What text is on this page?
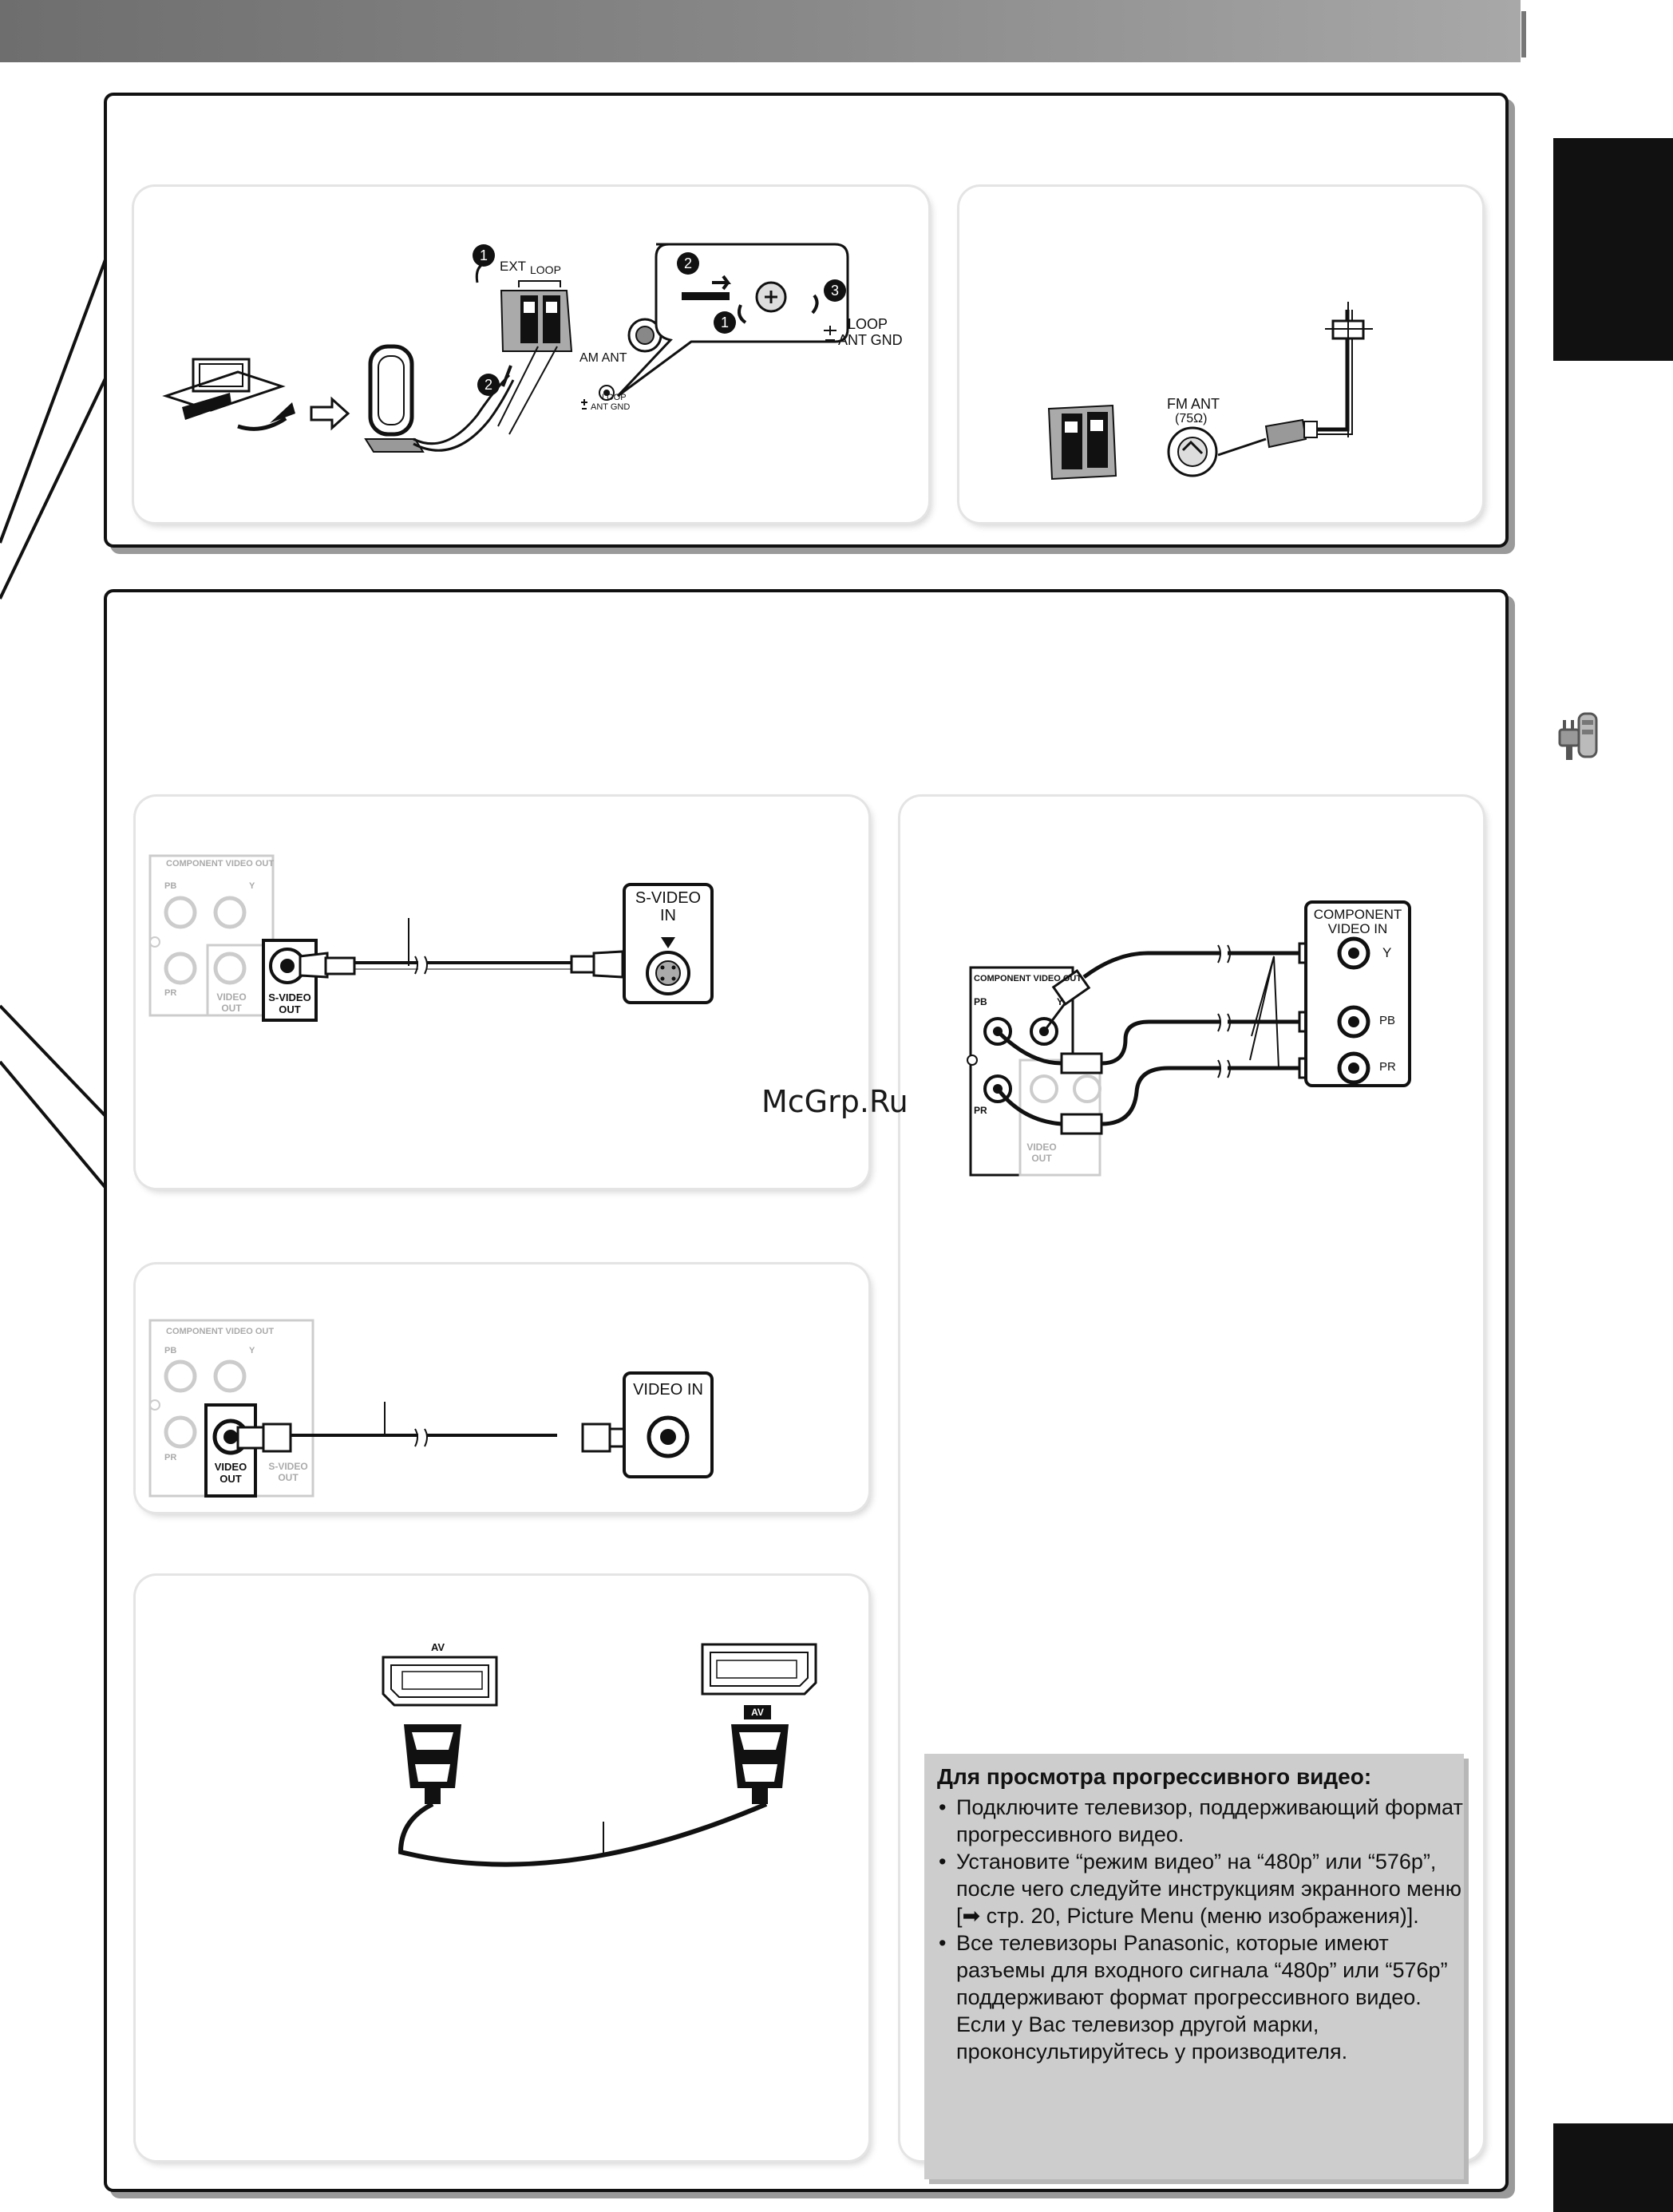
1
2
2
1
3
EXT LOOP
AM ANT
LOOP
ANT GND
LOOP
ANT GND
FM ANT
(75Ω)
COMPONENT VIDEO OUT
PB	Y
PR	VIDEO OUT
S-VIDEO OUT
S-VIDEO
IN
COMPONENT VIDEO OUT
PB	Y
PR
VIDEO OUT
S-VIDEO OUT
VIDEO IN
AV
AV
COMPONENT VIDEO OUT
PB	Y
PR
VIDEO OUT
COMPONENT
VIDEO IN
Y
PB
PR
Для просмотра прогрессивного видео:
• Подключите телевизор, поддерживающий формат прогрессивного видео.
• Установите “режим видео” на “480p” или “576p”, после чего следуйте инструкциям экранного меню [➡ стр. 20, Picture Menu (меню изображения)].
• Все телевизоры Panasonic, которые имеют разъемы для входного сигнала “480p” или “576p” поддерживают формат прогрессивного видео. Если у Вас телевизор другой марки, проконсультируйтесь у производителя.
McGrp.Ru
